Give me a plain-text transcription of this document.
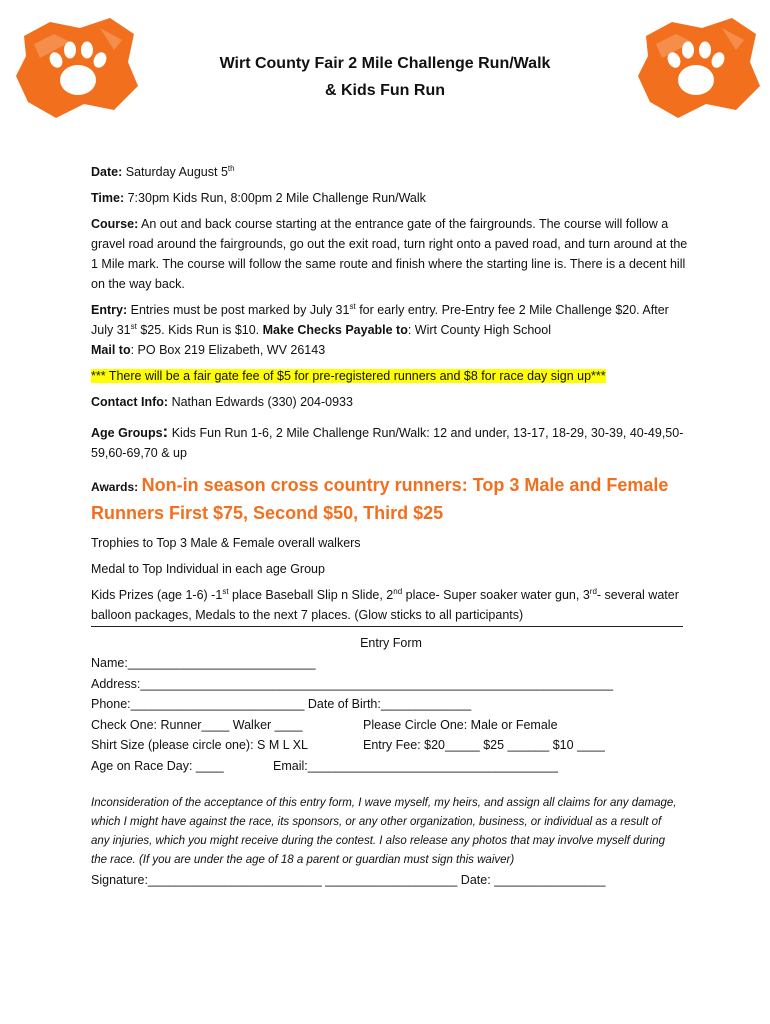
Wirt County Fair 2 Mile Challenge Run/Walk
& Kids Fun Run

Date: Saturday August 5th

Time: 7:30pm Kids Run, 8:00pm 2 Mile Challenge Run/Walk

Course: An out and back course starting at the entrance gate of the fairgrounds. The course will follow a gravel road around the fairgrounds, go out the exit road, turn right onto a paved road, and turn around at the 1 Mile mark. The course will follow the same route and finish where the starting line is. There is a decent hill on the way back.

Entry: Entries must be post marked by July 31st for early entry. Pre-Entry fee 2 Mile Challenge $20. After July 31st $25. Kids Run is $10. Make Checks Payable to: Wirt County High School
Mail to: PO Box 219 Elizabeth, WV 26143

*** There will be a fair gate fee of $5 for pre-registered runners and $8 for race day sign up***

Contact Info: Nathan Edwards (330) 204-0933

Age Groups: Kids Fun Run 1-6, 2 Mile Challenge Run/Walk: 12 and under, 13-17, 18-29, 30-39, 40-49,50-59,60-69,70 & up

Awards: Non-in season cross country runners: Top 3 Male and Female Runners First $75, Second $50, Third $25

Trophies to Top 3 Male & Female overall walkers

Medal to Top Individual in each age Group

Kids Prizes (age 1-6) -1st place Baseball Slip n Slide, 2nd place- Super soaker water gun, 3rd- several water balloon packages, Medals to the next 7 places. (Glow sticks to all participants)

Entry Form
Name:___________________________
Address:____________________________________________________________________
Phone:_________________________ Date of Birth:_____________
Check One: Runner____ Walker ____	Please Circle One: Male or Female
Shirt Size (please circle one): S M L XL	Entry Fee: $20_____ $25 ______ $10 ____
Age on Race Day: ____	Email:____________________________________
Inconsideration of the acceptance of this entry form, I wave myself, my heirs, and assign all claims for any damage, which I might have against the race, its sponsors, or any other organization, business, or individual as a result of any injuries, which you might receive during the contest. I also release any photos that may involve myself during the race. (If you are under the age of 18 a parent or guardian must sign this waiver)
Signature:_________________________ ___________________ Date: ________________
